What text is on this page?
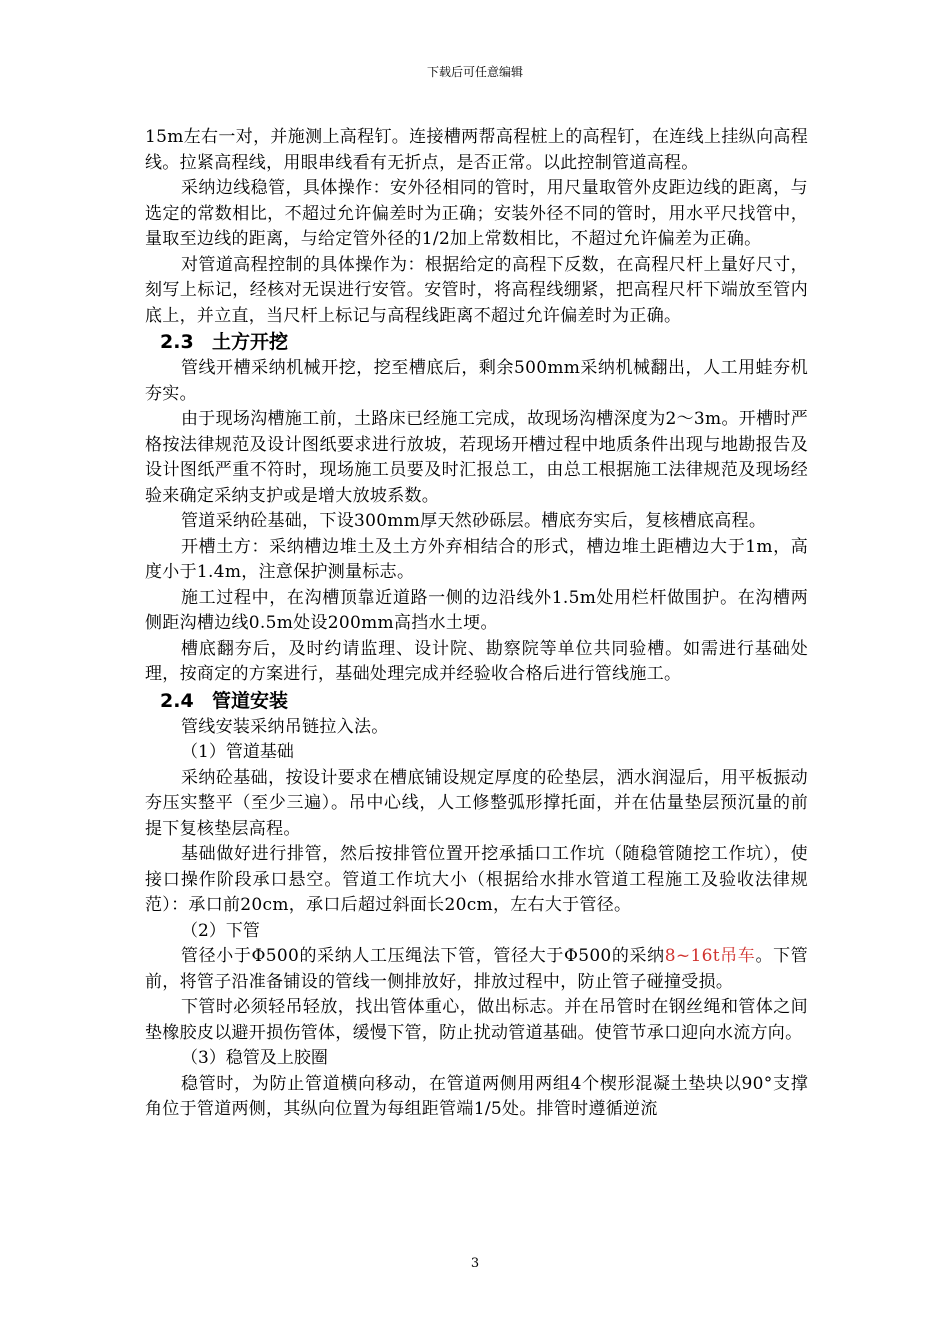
下载后可任意编辑

15m左右一对，并施测上高程钉。连接槽两帮高程桩上的高程钉，在连线上挂纵向高程线。拉紧高程线，用眼串线看有无折点，是否正常。以此控制管道高程。

采纳边线稳管，具体操作：安外径相同的管时，用尺量取管外皮距边线的距离，与选定的常数相比，不超过允许偏差时为正确；安装外径不同的管时，用水平尺找管中，量取至边线的距离，与给定管外径的1/2加上常数相比，不超过允许偏差为正确。

对管道高程控制的具体操作为：根据给定的高程下反数，在高程尺杆上量好尺寸，刻写上标记，经核对无误进行安管。安管时，将高程线绷紧，把高程尺杆下端放至管内底上，并立直，当尺杆上标记与高程线距离不超过允许偏差时为正确。

2.3 土方开挖

管线开槽采纳机械开挖，挖至槽底后，剩余500mm采纳机械翻出，人工用蛙夯机夯实。

由于现场沟槽施工前，土路床已经施工完成，故现场沟槽深度为2～3m。开槽时严格按法律规范及设计图纸要求进行放坡，若现场开槽过程中地质条件出现与地勘报告及设计图纸严重不符时，现场施工员要及时汇报总工，由总工根据施工法律规范及现场经验来确定采纳支护或是增大放坡系数。

管道采纳砼基础，下设300mm厚天然砂砾层。槽底夯实后，复核槽底高程。

开槽土方：采纳槽边堆土及土方外弃相结合的形式，槽边堆土距槽边大于1m，高度小于1.4m，注意保护测量标志。

施工过程中，在沟槽顶靠近道路一侧的边沿线外1.5m处用栏杆做围护。在沟槽两侧距沟槽边线0.5m处设200mm高挡水土埂。

槽底翻夯后，及时约请监理、设计院、勘察院等单位共同验槽。如需进行基础处理，按商定的方案进行，基础处理完成并经验收合格后进行管线施工。

2.4 管道安装

管线安装采纳吊链拉入法。

（1）管道基础

采纳砼基础，按设计要求在槽底铺设规定厚度的砼垫层，洒水润湿后，用平板振动夯压实整平（至少三遍）。吊中心线，人工修整弧形撑托面，并在估量垫层预沉量的前提下复核垫层高程。

基础做好进行排管，然后按排管位置开挖承插口工作坑（随稳管随挖工作坑），使接口操作阶段承口悬空。管道工作坑大小（根据给水排水管道工程施工及验收法律规范）：承口前20cm，承口后超过斜面长20cm，左右大于管径。

（2）下管

管径小于Φ500的采纳人工压绳法下管，管径大于Φ500的采纳8~16t吊车。下管前，将管子沿准备铺设的管线一侧排放好，排放过程中，防止管子碰撞受损。

下管时必须轻吊轻放，找出管体重心，做出标志。并在吊管时在钢丝绳和管体之间垫橡胶皮以避开损伤管体，缓慢下管，防止扰动管道基础。使管节承口迎向水流方向。

（3）稳管及上胶圈

稳管时，为防止管道横向移动，在管道两侧用两组4个楔形混凝土垫块以90°支撑角位于管道两侧，其纵向位置为每组距管端1/5处。排管时遵循逆流

3
